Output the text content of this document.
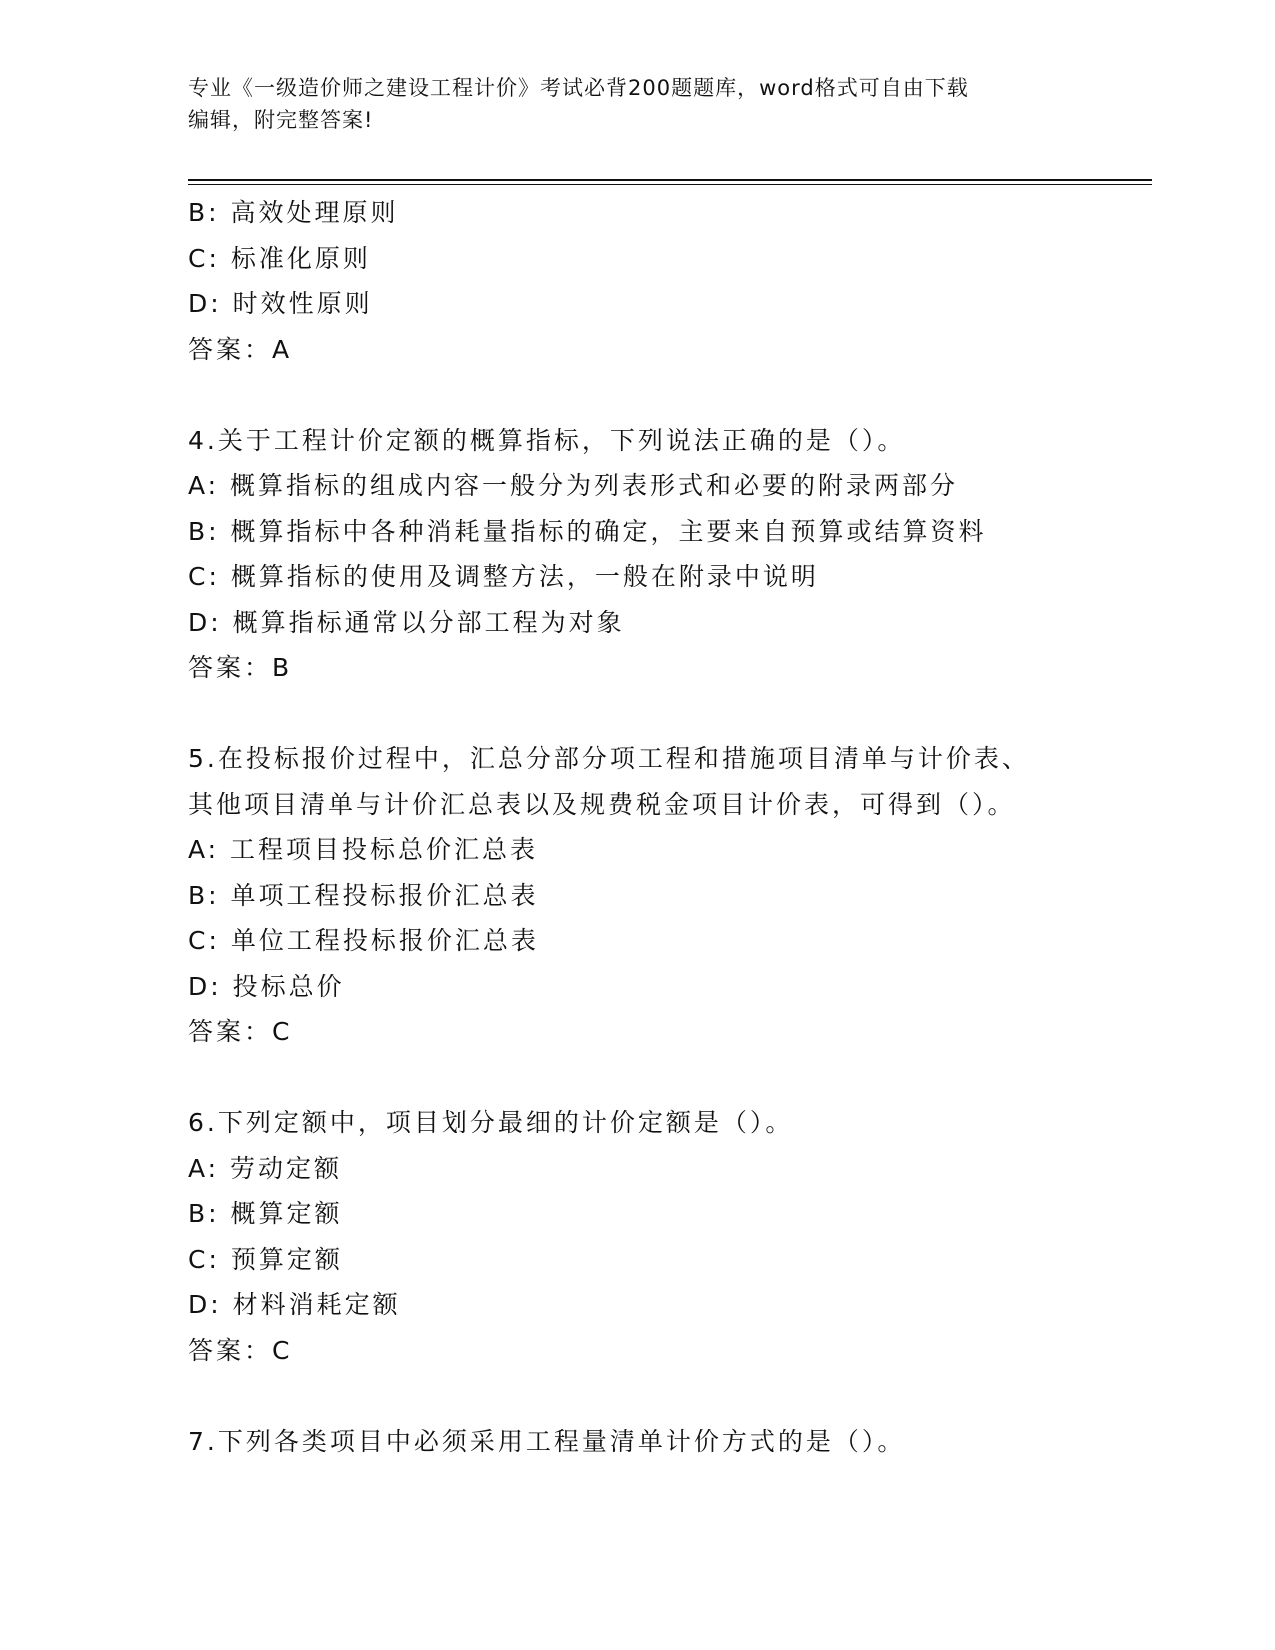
专业《一级造价师之建设工程计价》考试必背200题题库，word格式可自由下载
编辑，附完整答案!
B: 高效处理原则
C: 标准化原则
D: 时效性原则
答案：A
4.关于工程计价定额的概算指标，下列说法正确的是（）。
A: 概算指标的组成内容一般分为列表形式和必要的附录两部分
B: 概算指标中各种消耗量指标的确定，主要来自预算或结算资料
C: 概算指标的使用及调整方法，一般在附录中说明
D: 概算指标通常以分部工程为对象
答案：B
5.在投标报价过程中，汇总分部分项工程和措施项目清单与计价表、
其他项目清单与计价汇总表以及规费税金项目计价表，可得到（）。
A: 工程项目投标总价汇总表
B: 单项工程投标报价汇总表
C: 单位工程投标报价汇总表
D: 投标总价
答案：C
6.下列定额中，项目划分最细的计价定额是（）。
A: 劳动定额
B: 概算定额
C: 预算定额
D: 材料消耗定额
答案：C
7.下列各类项目中必须采用工程量清单计价方式的是（）。
